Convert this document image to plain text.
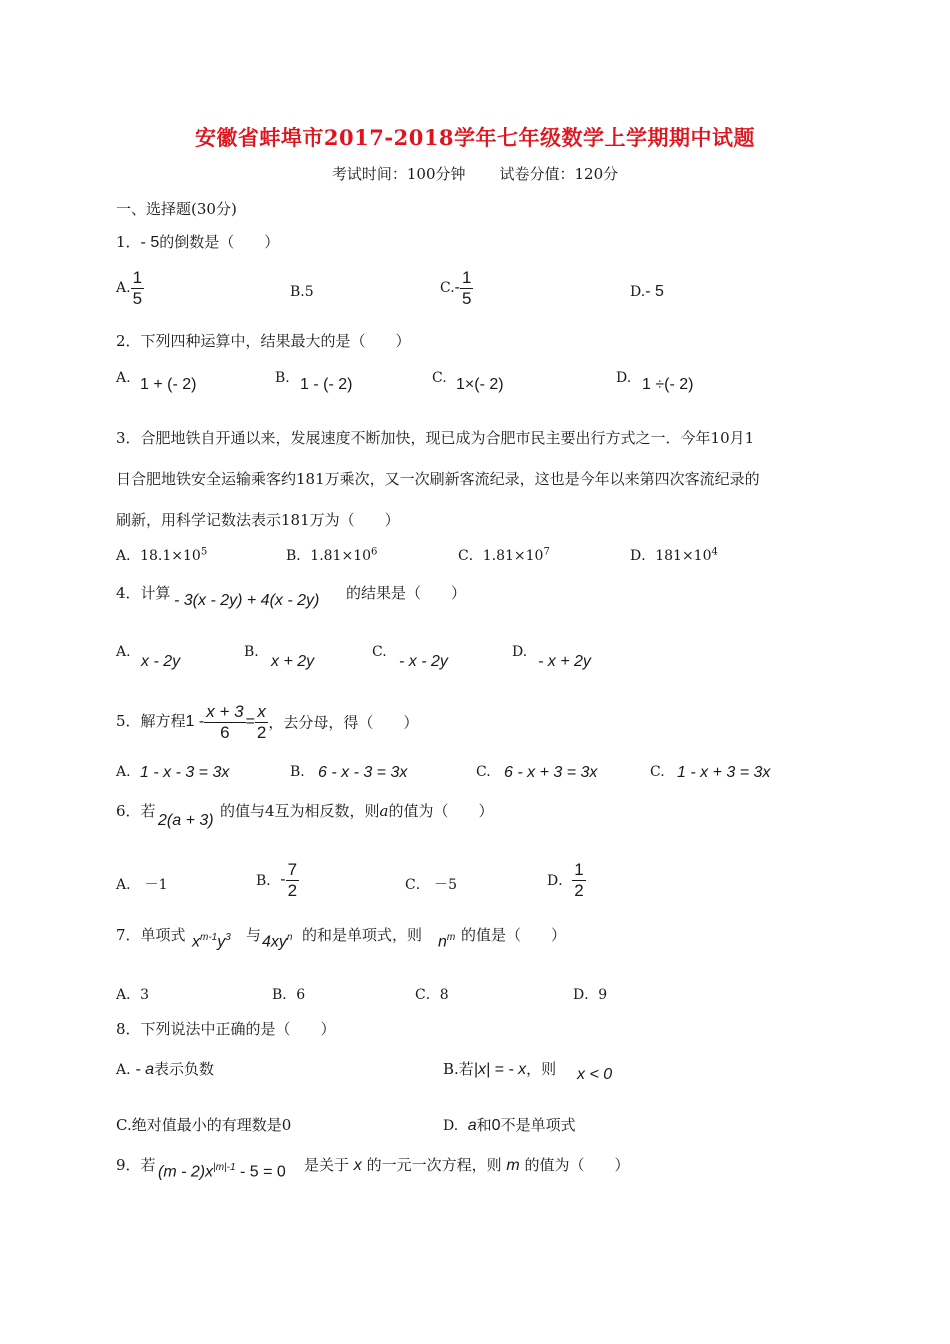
安徽省蚌埠市2017-2018学年七年级数学上学期期中试题
考试时间：100分钟 试卷分值：120分
一、选择题(30分)
1．- 5的倒数是（　　）
A. $\frac{1}{5}$	B.5	$C.- \frac{1}{5}$	D.- 5
2．下列四种运算中，结果最大的是（　　）
A. 1 + (- 2)	B. 1 - (- 2)	C. 1×(- 2)	D. 1 ÷(- 2)
3．合肥地铁自开通以来，发展速度不断加快，现已成为合肥市民主要出行方式之一．今年10月1
日合肥地铁安全运输乘客约181万乘次，又一次刷新客流纪录，这也是今年以来第四次客流纪录的
刷新，用科学记数法表示181万为（　　）
A．$18.1\times 10^5$	B．$1.81\times 10^6$	C．$1.81\times 10^7$	D．$181\times 10^4$
4．计算 - 3(x - 2y) + 4(x - 2y) 的结果是（　　）
A.
x - 2y
B.
x + 2y
C.
- x - 2y
D.
- x + 2y
5．解方程$1 - \frac{x + 3}{6} = \frac{x}{2}$ ，去分母，得（　　）
A. 1 - x - 3 = 3x	B. 6 - x - 3 = 3x	C. 6 - x + 3 = 3x	C. 1 - x + 3 = 3x
6．若
2(a + 3)
的值与4互为相反数，则a的值为（　　）
A． －1	B．- $\frac{7}{2}$	C． －5	D． $\frac{1}{2}$
7．单项式 $x^{m-1}y^3$ 与 $4xy^n$ 的和是单项式，则 $n^m$ 的值是（　　）
A．3	B．6	C．8	D．9
8．下列说法中正确的是（　　）
A. - a表示负数	B.若|x| = - x，则 x < 0
C.绝对值最小的有理数是0	D. a和0不是单项式
9．若 $(m - 2)x^{|m|-1} - 5 = 0$ 是关于 x 的一元一次方程，则 m 的值为（　　）
